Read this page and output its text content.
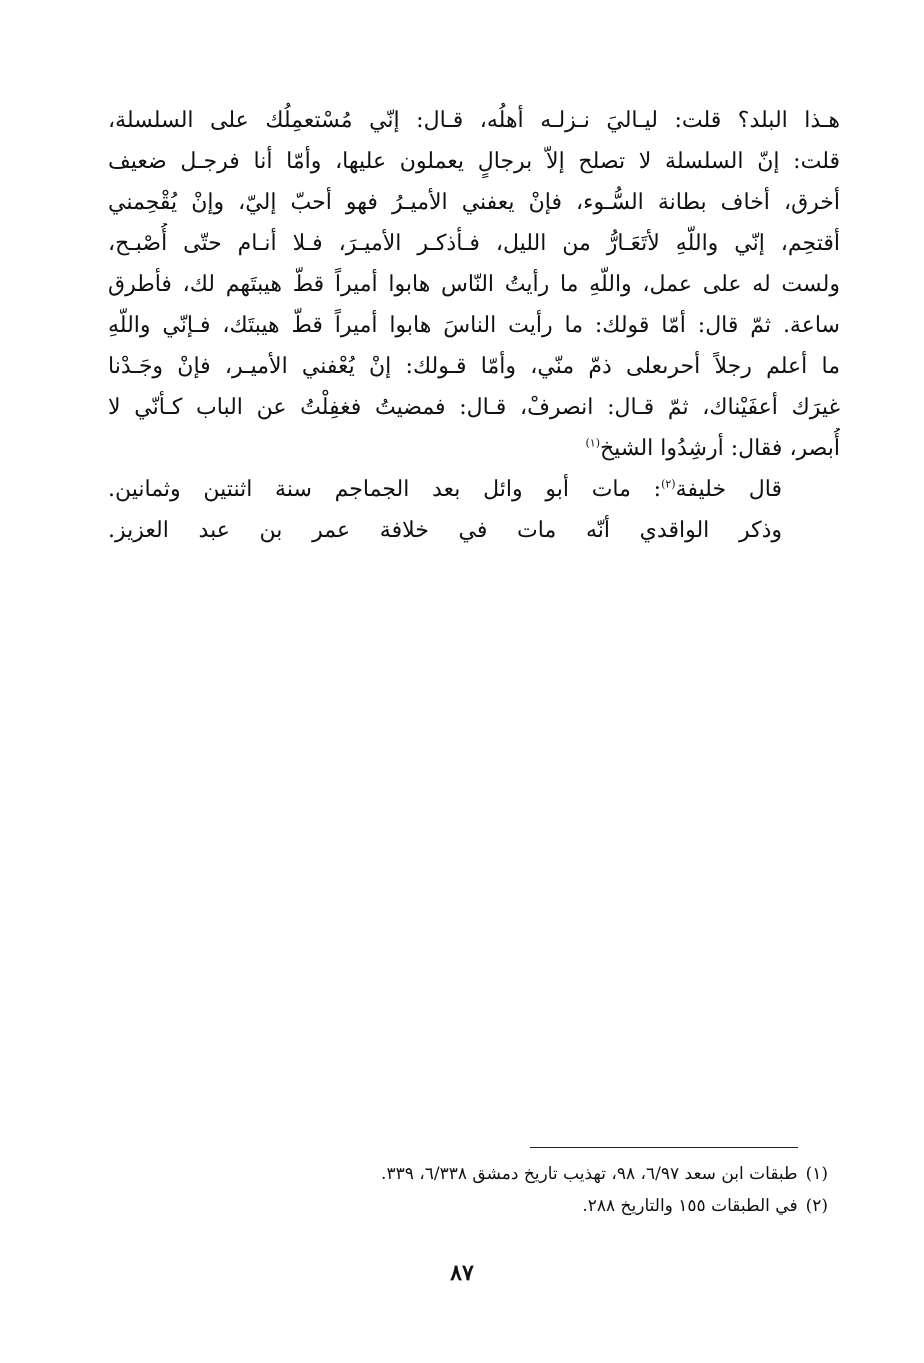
هـذا البلد؟ قلت: ليـاليَ نـزلـه أهلُه، قـال: إنّي مُسْتعمِلُك على السلسلة،
قلت: إنّ السلسلة لا تصلح إلاّ برجالٍ يعملون عليها، وأمّا أنا فرجـل ضعيف
أخرق، أخاف بطانة السُّـوء، فإنْ يعفني الأميـرُ فهو أحبّ إليّ، وإنْ يُقْحِمني
أقتحِم، إنّي واللّهِ لأتَعَـارُّ من الليل، فـأذكـر الأميـرَ، فـلا أنـام حتّى أُصْبـح،
ولست له على عمل، واللّهِ ما رأيتُ النّاس هابوا أميراً قطّ هيبتَهم لك، فأطرق
ساعة. ثمّ قال: أمّا قولك: ما رأيت الناسَ هابوا أميراً قطّ هيبتَك، فـإنّي واللّهِ
ما أعلم رجلاً أحرىعلى ذمّ منّي، وأمّا قـولك: إنْ يُعْفني الأميـر، فإنْ وجَـدْنا
غيرَك أعفَيْناك، ثمّ قـال: انصرفْ، قـال: فمضيتُ فغفِلْتُ عن الباب كـأنّي لا
أُبصر، فقال: أرشِدُوا الشيخ$^{(١)}$
قال خليفة$^{(٢)}$: مات أبو وائل بعد الجماجم سنة اثنتين وثمانين.
وذكر الواقدي أنّه مات في خلافة عمر بن عبد العزيز.
(١)طبقات ابن سعد ٦/٩٧، ٩٨، تهذيب تاريخ دمشق ٦/٣٣٨، ٣٣٩.
(٢)في الطبقات ١٥٥ والتاريخ ٢٨٨.
٨٧
